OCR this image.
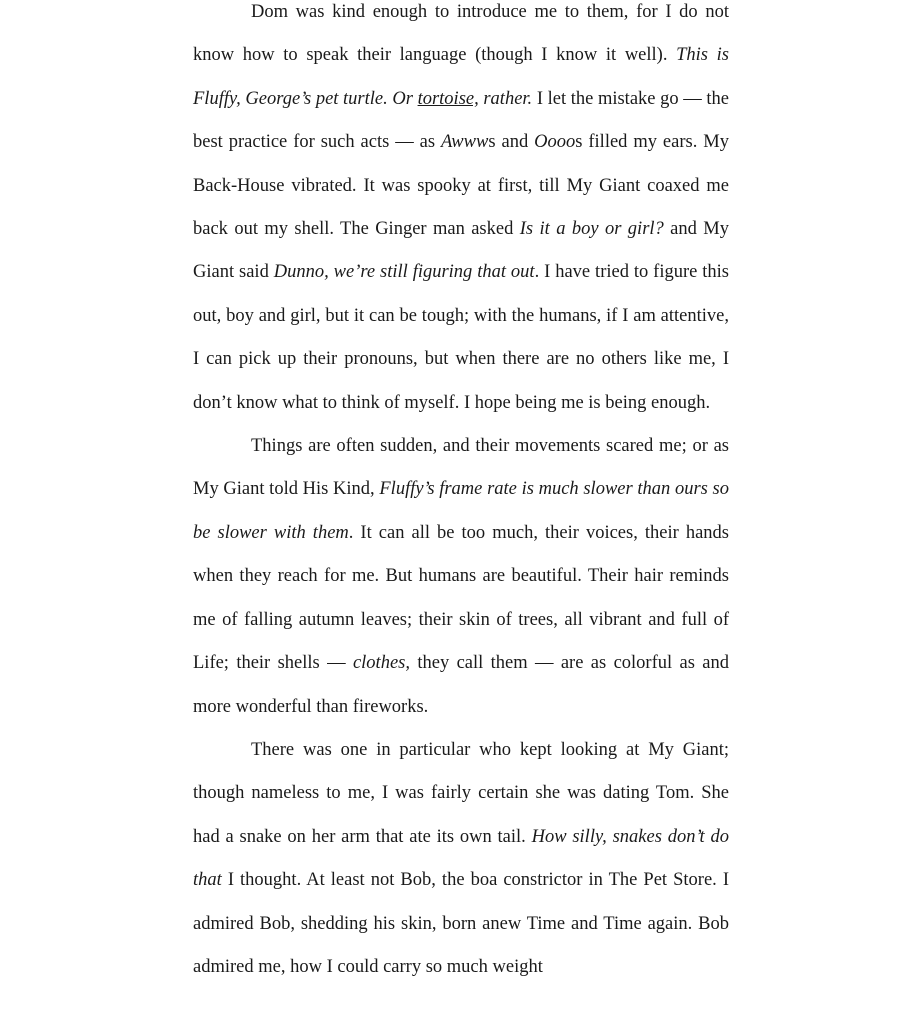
Dom was kind enough to introduce me to them, for I do not know how to speak their language (though I know it well). This is Fluffy, George’s pet turtle. Or tortoise, rather. I let the mistake go — the best practice for such acts — as Awwws and Oooos filled my ears. My Back-House vibrated. It was spooky at first, till My Giant coaxed me back out my shell. The Ginger man asked Is it a boy or girl? and My Giant said Dunno, we’re still figuring that out. I have tried to figure this out, boy and girl, but it can be tough; with the humans, if I am attentive, I can pick up their pronouns, but when there are no others like me, I don’t know what to think of myself. I hope being me is being enough.

Things are often sudden, and their movements scared me; or as My Giant told His Kind, Fluffy’s frame rate is much slower than ours so be slower with them. It can all be too much, their voices, their hands when they reach for me. But humans are beautiful. Their hair reminds me of falling autumn leaves; their skin of trees, all vibrant and full of Life; their shells — clothes, they call them — are as colorful as and more wonderful than fireworks.

There was one in particular who kept looking at My Giant; though nameless to me, I was fairly certain she was dating Tom. She had a snake on her arm that ate its own tail. How silly, snakes don’t do that I thought. At least not Bob, the boa constrictor in The Pet Store. I admired Bob, shedding his skin, born anew Time and Time again. Bob admired me, how I could carry so much weight
